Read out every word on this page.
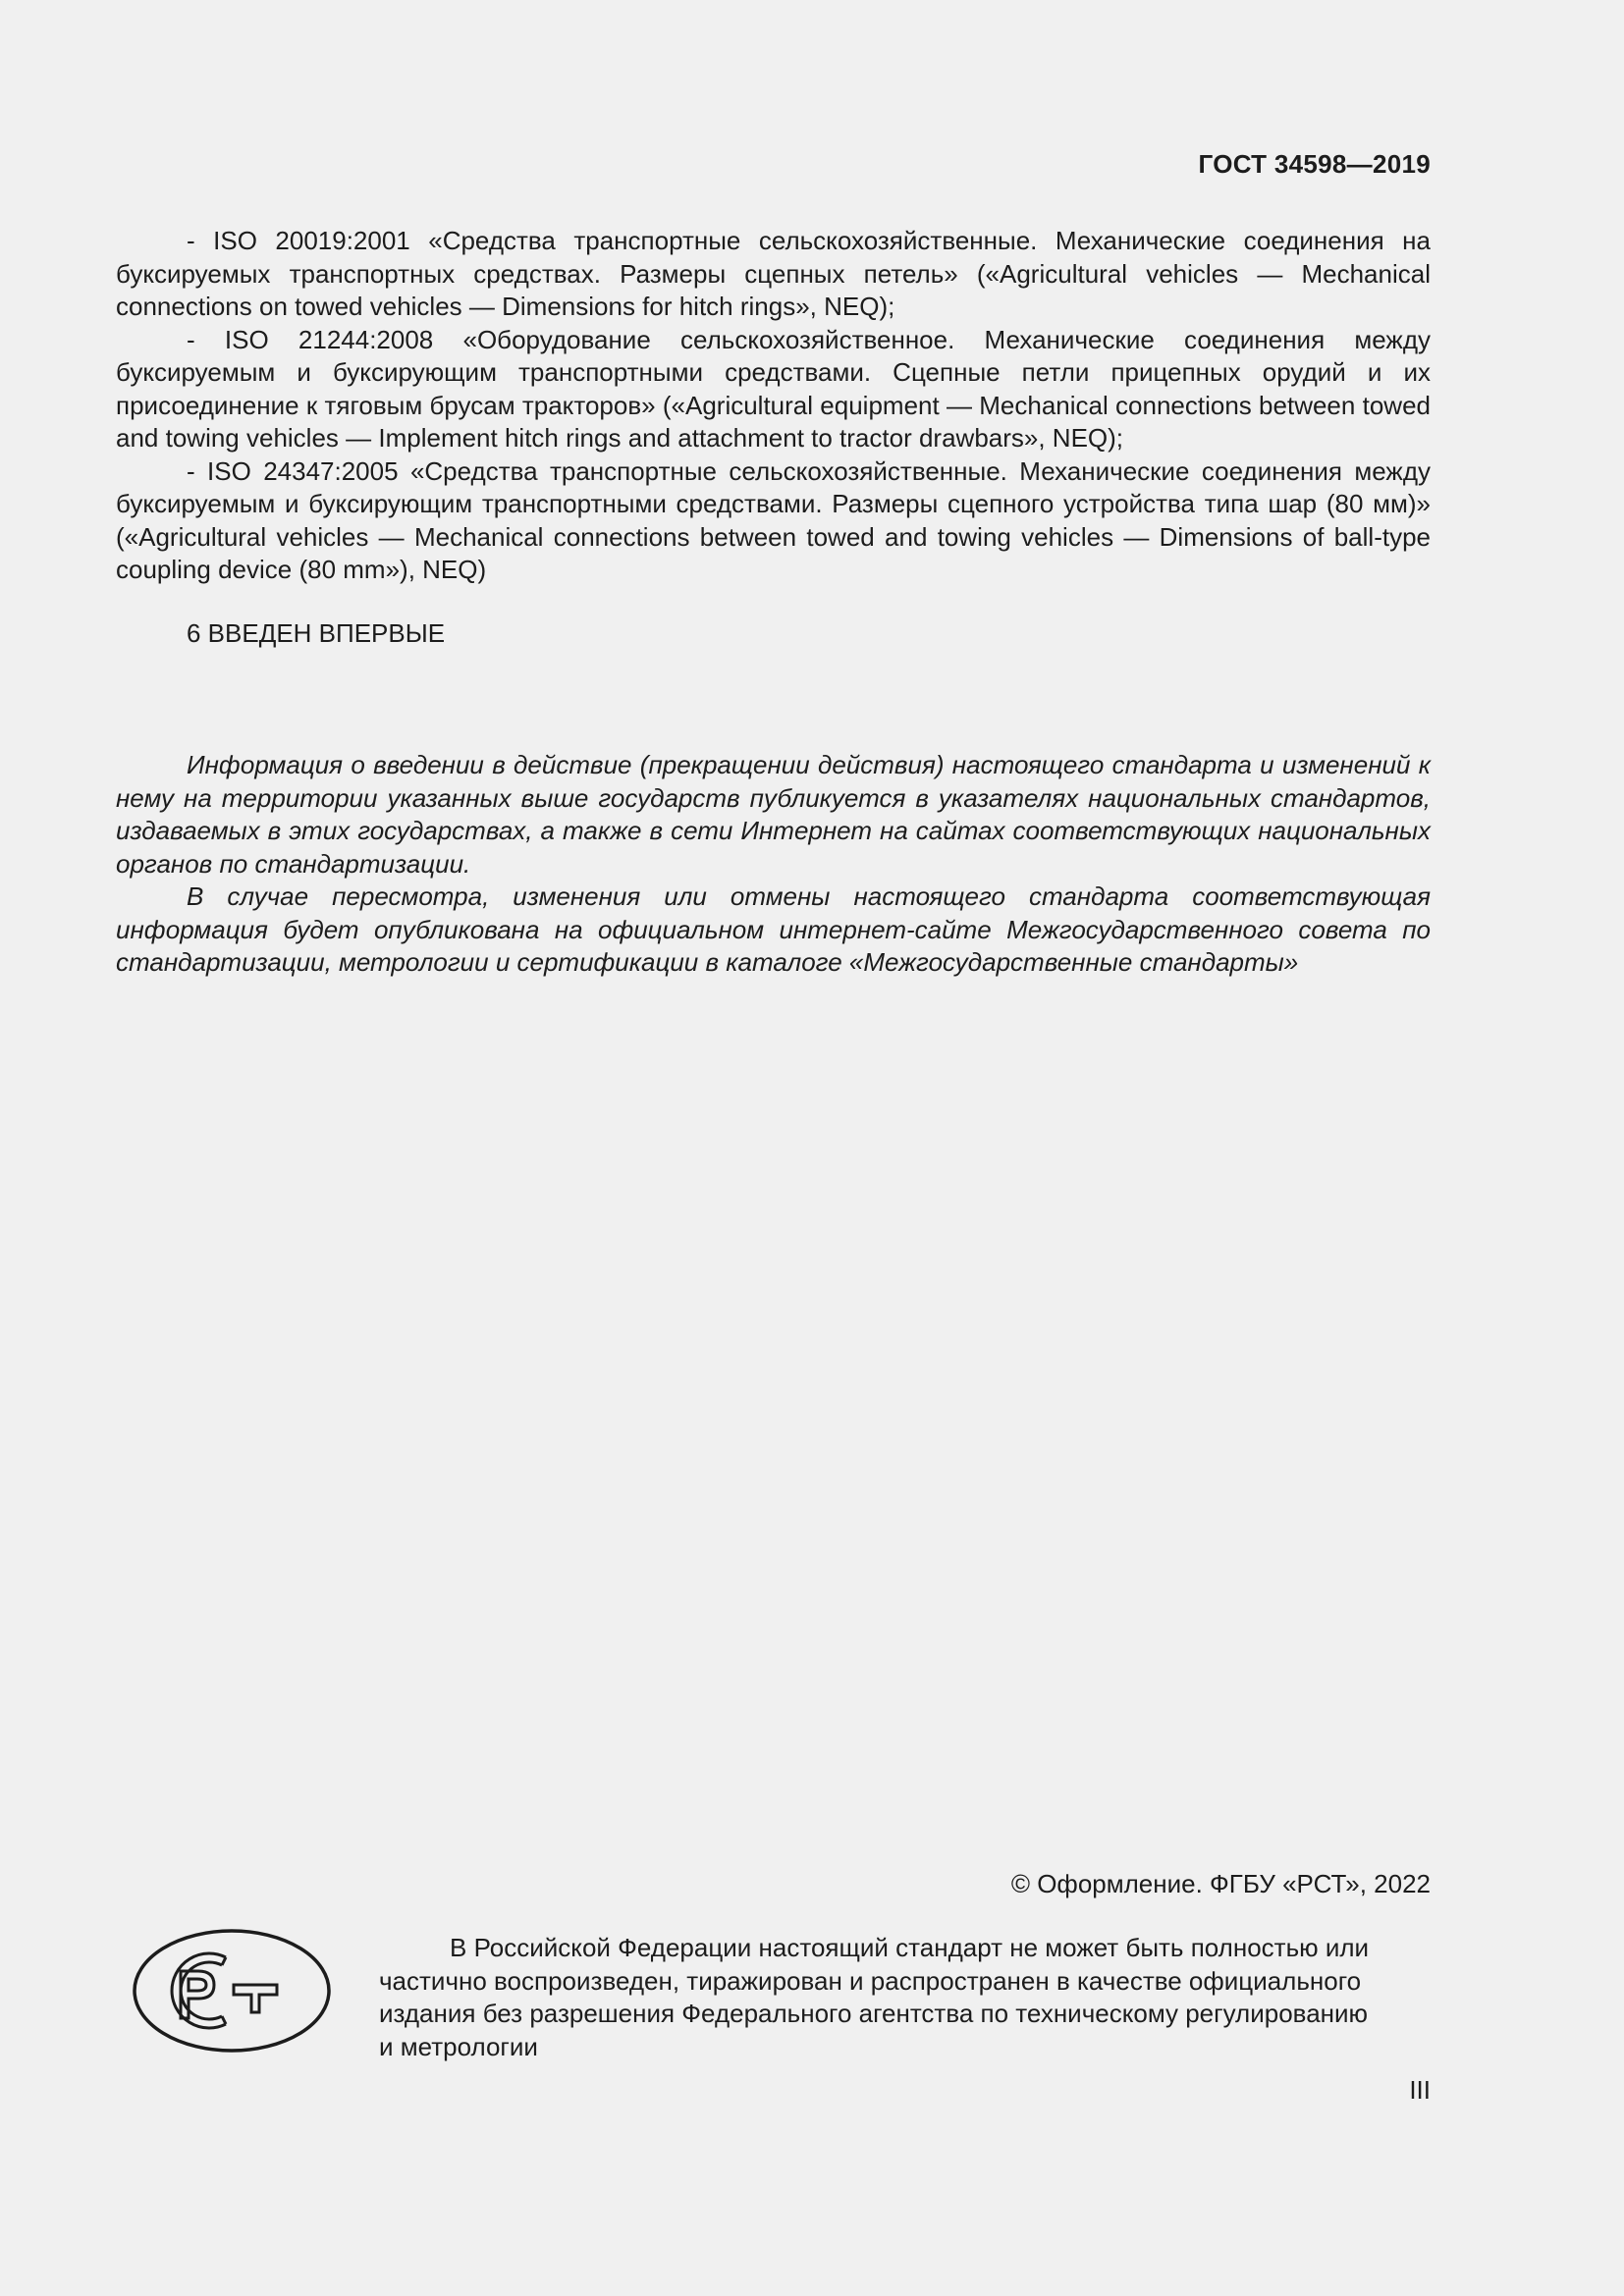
ГОСТ 34598—2019

- ISO 20019:2001 «Средства транспортные сельскохозяйственные. Механические соединения на буксируемых транспортных средствах. Размеры сцепных петель» («Agricultural vehicles — Mechanical connections on towed vehicles — Dimensions for hitch rings», NEQ);

- ISO 21244:2008 «Оборудование сельскохозяйственное. Механические соединения между буксируемым и буксирующим транспортными средствами. Сцепные петли прицепных орудий и их присоединение к тяговым брусам тракторов» («Agricultural equipment — Mechanical connections between towed and towing vehicles — Implement hitch rings and attachment to tractor drawbars», NEQ);

- ISO 24347:2005 «Средства транспортные сельскохозяйственные. Механические соединения между буксируемым и буксирующим транспортными средствами. Размеры сцепного устройства типа шар (80 мм)» («Agricultural vehicles — Mechanical connections between towed and towing vehicles — Dimensions of ball-type coupling device (80 mm»), NEQ)

6 ВВЕДЕН ВПЕРВЫЕ

Информация о введении в действие (прекращении действия) настоящего стандарта и изменений к нему на территории указанных выше государств публикуется в указателях национальных стандартов, издаваемых в этих государствах, а также в сети Интернет на сайтах соответствующих национальных органов по стандартизации.

В случае пересмотра, изменения или отмены настоящего стандарта соответствующая информация будет опубликована на официальном интернет-сайте Межгосударственного совета по стандартизации, метрологии и сертификации в каталоге «Межгосударственные стандарты»

© Оформление. ФГБУ «РСТ», 2022
В Российской Федерации настоящий стандарт не может быть полностью или
частично воспроизведен, тиражирован и распространен в качестве официального
издания без разрешения Федерального агентства по техническому регулированию
и метрологии
III
